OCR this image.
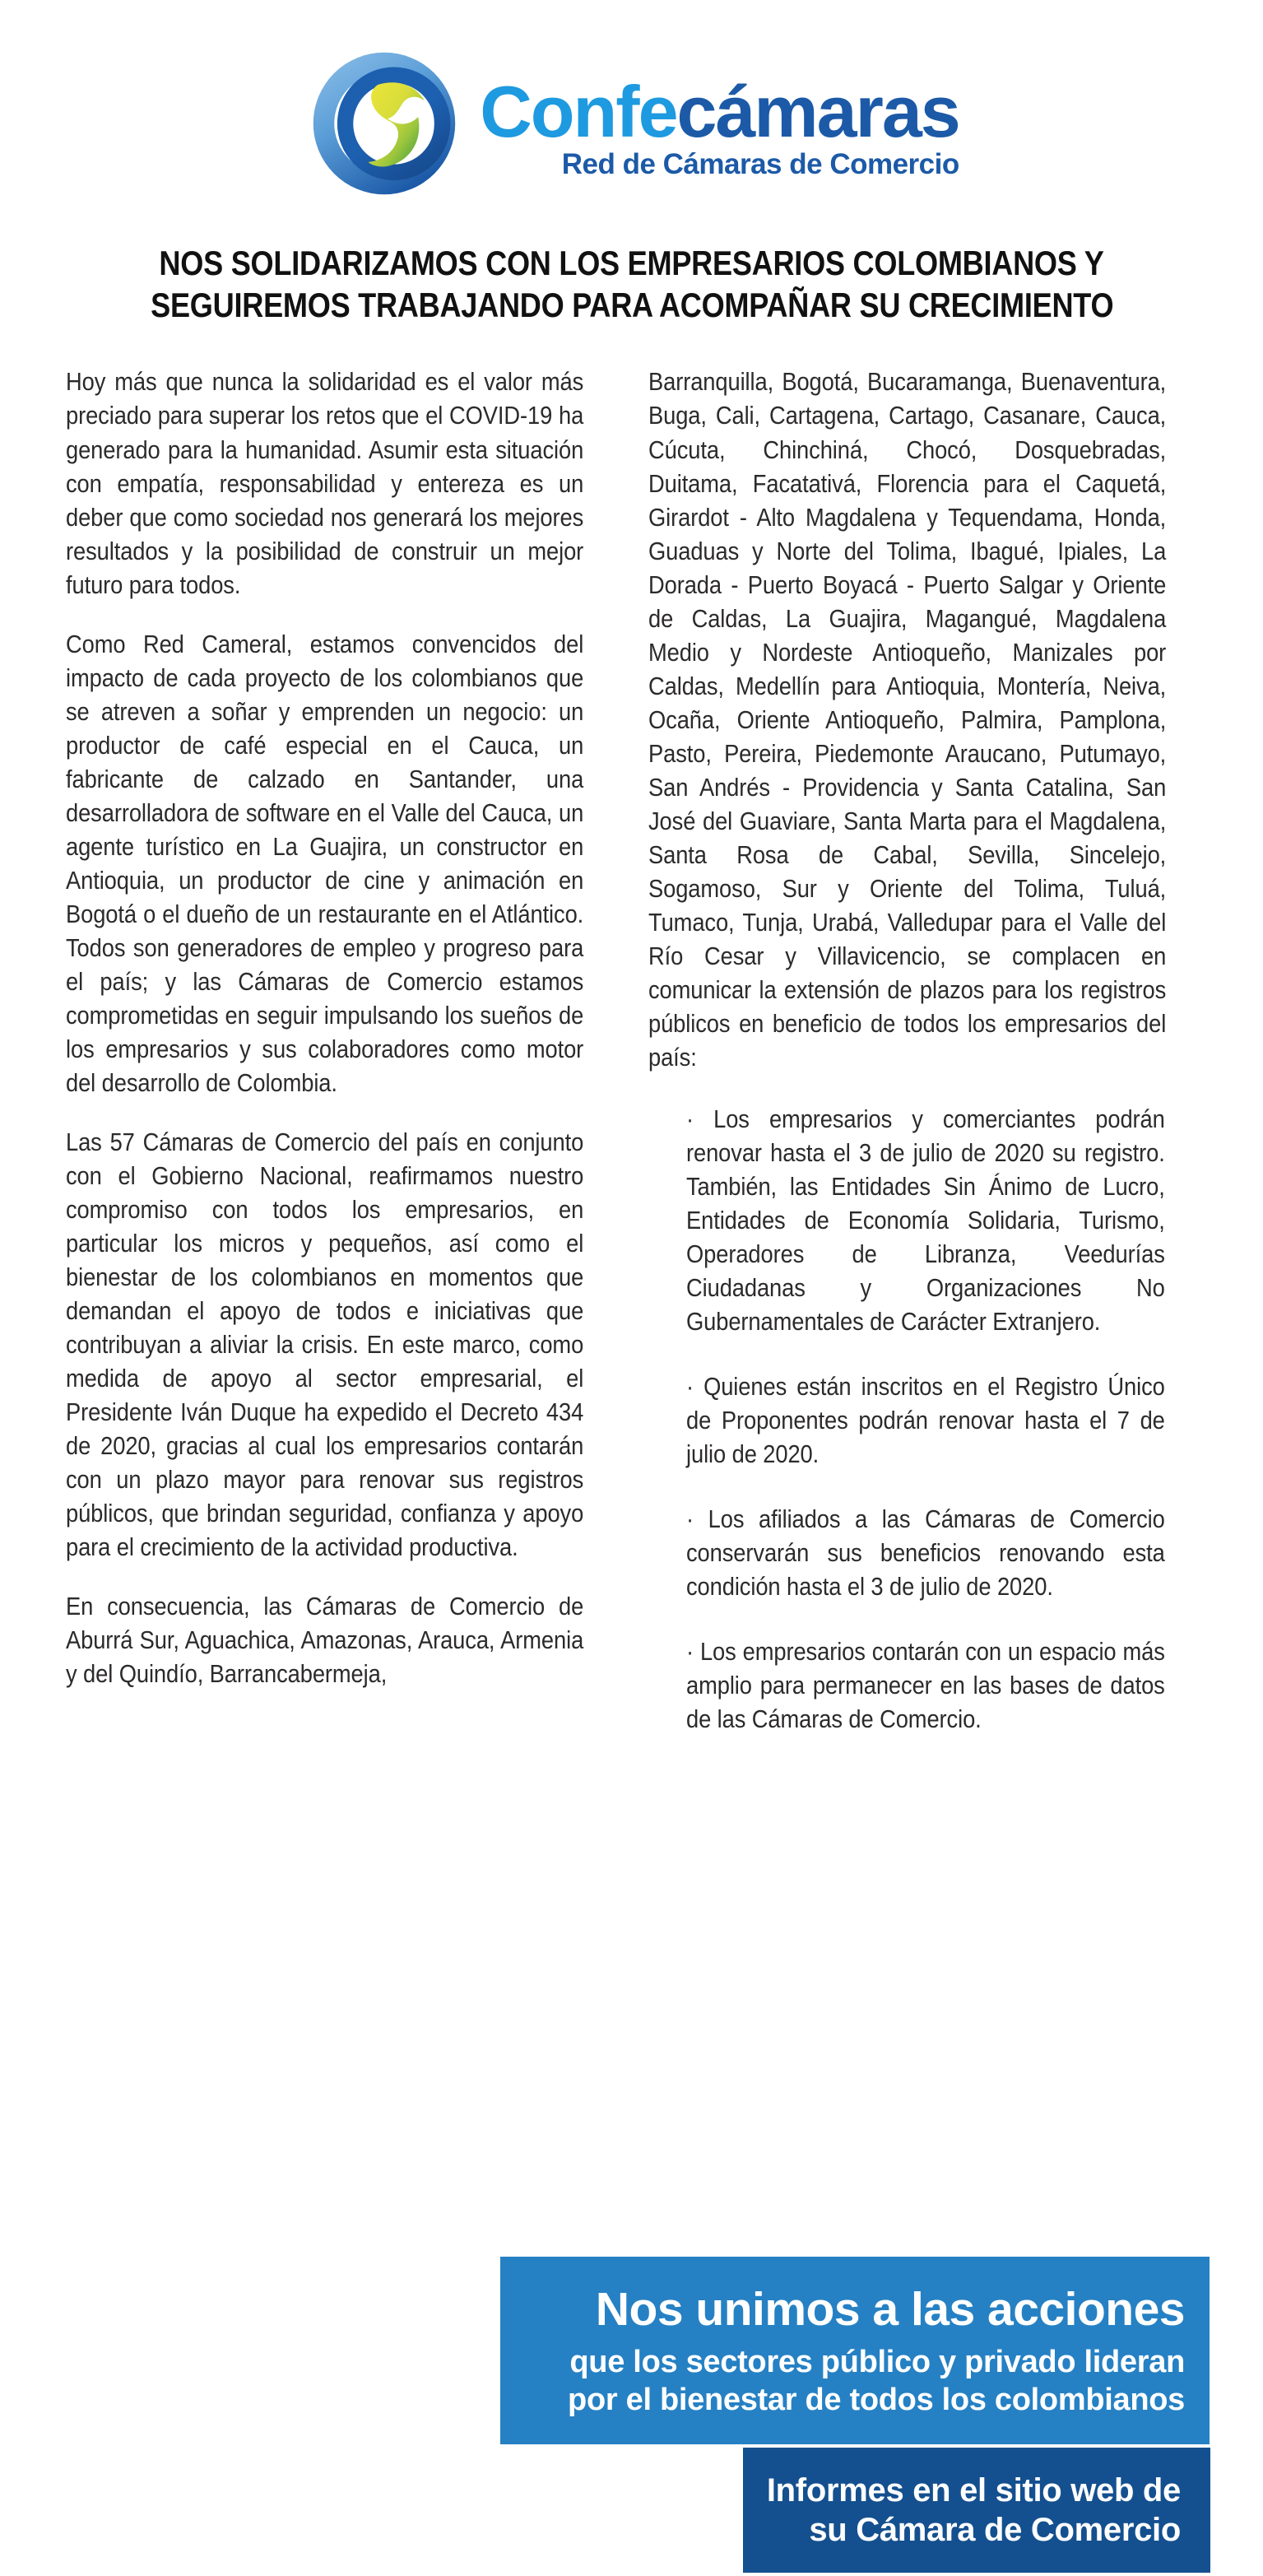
Confecámaras
Red de Cámaras de Comercio
NOS SOLIDARIZAMOS CON LOS EMPRESARIOS COLOMBIANOS Y
SEGUIREMOS TRABAJANDO PARA ACOMPAÑAR SU CRECIMIENTO

Hoy más que nunca la solidaridad es el valor más preciado para superar los retos que el COVID-19 ha generado para la humanidad. Asumir esta situación con empatía, responsabilidad y entereza es un deber que como sociedad nos generará los mejores resultados y la posibilidad de construir un mejor futuro para todos.

Como Red Cameral, estamos convencidos del impacto de cada proyecto de los colombianos que se atreven a soñar y emprenden un negocio: un productor de café especial en el Cauca, un fabricante de calzado en Santander, una desarrolladora de software en el Valle del Cauca, un agente turístico en La Guajira, un constructor en Antioquia, un productor de cine y animación en Bogotá o el dueño de un restaurante en el Atlántico. Todos son generadores de empleo y progreso para el país; y las Cámaras de Comercio estamos comprometidas en seguir impulsando los sueños de los empresarios y sus colaboradores como motor del desarrollo de Colombia.

Las 57 Cámaras de Comercio del país en conjunto con el Gobierno Nacional, reafirmamos nuestro compromiso con todos los empresarios, en particular los micros y pequeños, así como el bienestar de los colombianos en momentos que demandan el apoyo de todos e iniciativas que contribuyan a aliviar la crisis. En este marco, como medida de apoyo al sector empresarial, el Presidente Iván Duque ha expedido el Decreto 434 de 2020, gracias al cual los empresarios contarán con un plazo mayor para renovar sus registros públicos, que brindan seguridad, confianza y apoyo para el crecimiento de la actividad productiva.

En consecuencia, las Cámaras de Comercio de Aburrá Sur, Aguachica, Amazonas, Arauca, Armenia y del Quindío, Barrancabermeja,

Barranquilla, Bogotá, Bucaramanga, Buenaventura, Buga, Cali, Cartagena, Cartago, Casanare, Cauca, Cúcuta, Chinchiná, Chocó, Dosquebradas, Duitama, Facatativá, Florencia para el Caquetá, Girardot - Alto Magdalena y Tequendama, Honda, Guaduas y Norte del Tolima, Ibagué, Ipiales, La Dorada - Puerto Boyacá - Puerto Salgar y Oriente de Caldas, La Guajira, Magangué, Magdalena Medio y Nordeste Antioqueño, Manizales por Caldas, Medellín para Antioquia, Montería, Neiva, Ocaña, Oriente Antioqueño, Palmira, Pamplona, Pasto, Pereira, Piedemonte Araucano, Putumayo, San Andrés - Providencia y Santa Catalina, San José del Guaviare, Santa Marta para el Magdalena, Santa Rosa de Cabal, Sevilla, Sincelejo, Sogamoso, Sur y Oriente del Tolima, Tuluá, Tumaco, Tunja, Urabá, Valledupar para el Valle del Río Cesar y Villavicencio, se complacen en comunicar la extensión de plazos para los registros públicos en beneficio de todos los empresarios del país:

· Los empresarios y comerciantes podrán renovar hasta el 3 de julio de 2020 su registro. También, las Entidades Sin Ánimo de Lucro, Entidades de Economía Solidaria, Turismo, Operadores de Libranza, Veedurías Ciudadanas y Organizaciones No Gubernamentales de Carácter Extranjero.

· Quienes están inscritos en el Registro Único de Proponentes podrán renovar hasta el 7 de julio de 2020.

· Los afiliados a las Cámaras de Comercio conservarán sus beneficios renovando esta condición hasta el 3 de julio de 2020.

· Los empresarios contarán con un espacio más amplio para permanecer en las bases de datos de las Cámaras de Comercio.

Nos unimos a las acciones
que los sectores público y privado lideran
por el bienestar de todos los colombianos
Informes en el sitio web de
su Cámara de Comercio
